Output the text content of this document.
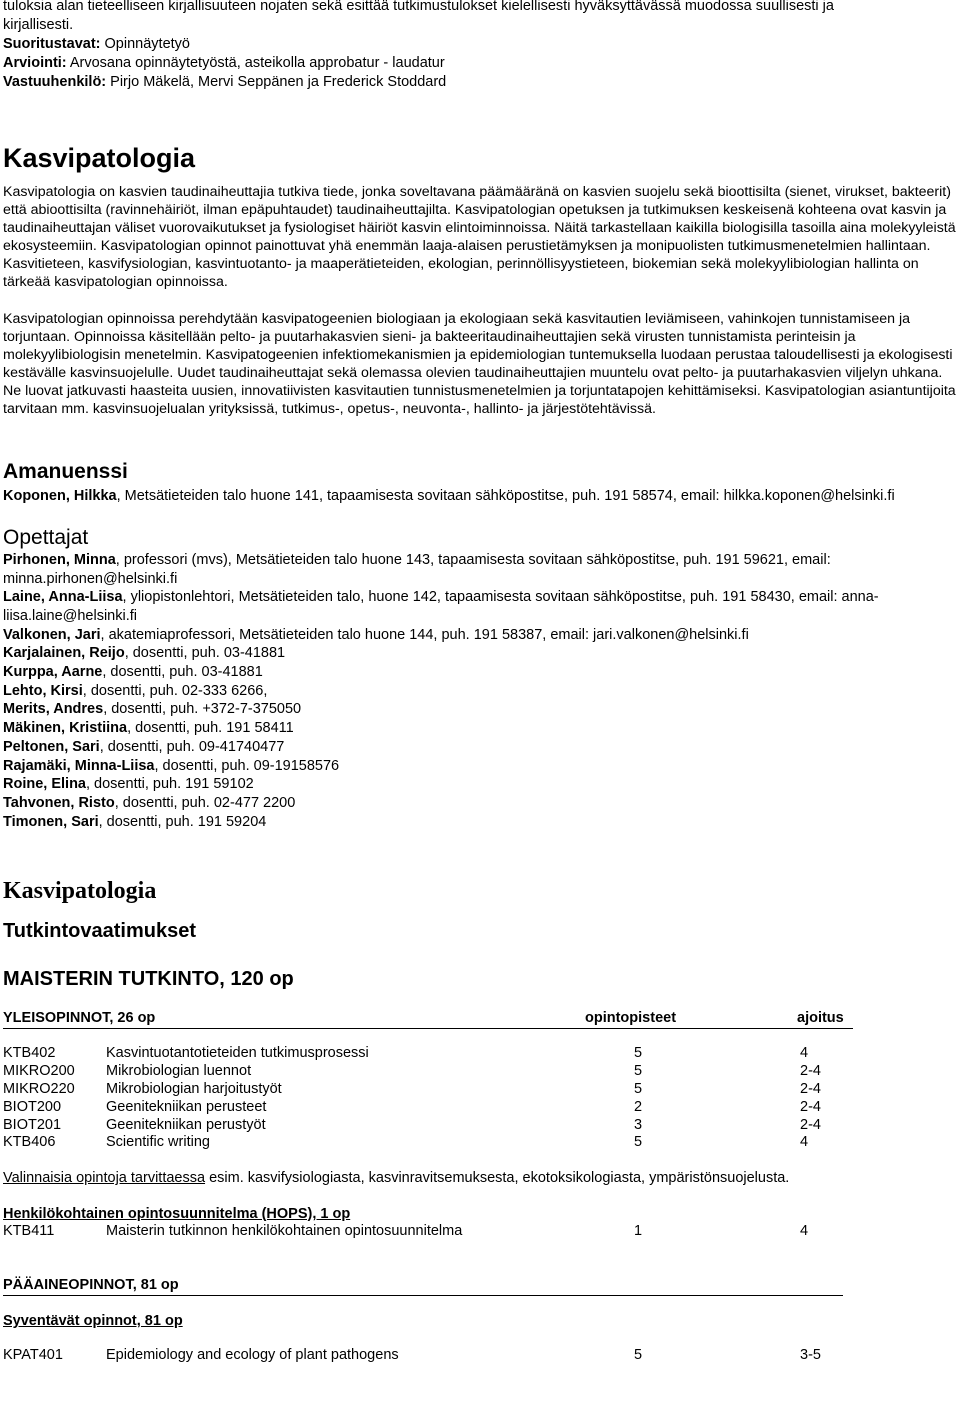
tuloksia alan tieteelliseen kirjallisuuteen nojaten sekä esittää tutkimustulokset kielellisesti hyväksyttävässä muodossa suullisesti ja

kirjallisesti.

Suoritustavat: Opinnäytetyö

Arviointi: Arvosana opinnäytetyöstä, asteikolla approbatur - laudatur

Vastuuhenkilö: Pirjo Mäkelä, Mervi Seppänen ja Frederick Stoddard

Kasvipatologia

Kasvipatologia on kasvien taudinaiheuttajia tutkiva tiede, jonka soveltavana päämääränä on kasvien suojelu sekä bioottisilta (sienet, virukset, bakteerit) että abioottisilta (ravinnehäiriöt, ilman epäpuhtaudet) taudinaiheuttajilta. Kasvipatologian opetuksen ja tutkimuksen keskeisenä kohteena ovat kasvin ja taudinaiheuttajan väliset vuorovaikutukset ja fysiologiset häiriöt kasvin elintoiminnoissa. Näitä tarkastellaan kaikilla biologisilla tasoilla aina molekyyleistä ekosysteemiin. Kasvipatologian opinnot painottuvat yhä enemmän laaja-alaisen perustietämyksen ja monipuolisten tutkimusmenetelmien hallintaan. Kasvitieteen, kasvifysiologian, kasvintuotanto- ja maaperätieteiden, ekologian, perinnöllisyystieteen, biokemian sekä molekyylibiologian hallinta on tärkeää kasvipatologian opinnoissa.

Kasvipatologian opinnoissa perehdytään kasvipatogeenien biologiaan ja ekologiaan sekä kasvitautien leviämiseen, vahinkojen tunnistamiseen ja torjuntaan. Opinnoissa käsitellään pelto- ja puutarhakasvien sieni- ja bakteeritaudinaiheuttajien sekä virusten tunnistamista perinteisin ja molekyylibiologisin menetelmin. Kasvipatogeenien infektiomekanismien ja epidemiologian tuntemuksella luodaan perustaa taloudellisesti ja ekologisesti kestävälle kasvinsuojelulle. Uudet taudinaiheuttajat sekä olemassa olevien taudinaiheuttajien muuntelu ovat pelto- ja puutarhakasvien viljelyn uhkana. Ne luovat jatkuvasti haasteita uusien, innovatiivisten kasvitautien tunnistusmenetelmien ja torjuntatapojen kehittämiseksi. Kasvipatologian asiantuntijoita tarvitaan mm. kasvinsuojelualan yrityksissä, tutkimus-, opetus-, neuvonta-, hallinto- ja järjestötehtävissä.

Amanuenssi

Koponen, Hilkka, Metsätieteiden talo huone 141, tapaamisesta sovitaan sähköpostitse, puh. 191 58574, email: hilkka.koponen@helsinki.fi

Opettajat

Pirhonen, Minna, professori (mvs), Metsätieteiden talo huone 143, tapaamisesta sovitaan sähköpostitse, puh. 191 59621, email: minna.pirhonen@helsinki.fi

Laine, Anna-Liisa, yliopistonlehtori, Metsätieteiden talo, huone 142, tapaamisesta sovitaan sähköpostitse, puh. 191 58430, email: anna-liisa.laine@helsinki.fi

Valkonen, Jari, akatemiaprofessori, Metsätieteiden talo huone 144, puh. 191 58387, email: jari.valkonen@helsinki.fi

Karjalainen, Reijo, dosentti, puh. 03-41881

Kurppa, Aarne, dosentti, puh. 03-41881

Lehto, Kirsi, dosentti, puh. 02-333 6266,

Merits, Andres, dosentti, puh. +372-7-375050

Mäkinen, Kristiina, dosentti, puh. 191 58411

Peltonen, Sari, dosentti, puh. 09-41740477

Rajamäki, Minna-Liisa, dosentti, puh. 09-19158576

Roine, Elina, dosentti, puh. 191 59102

Tahvonen, Risto, dosentti, puh. 02-477 2200

Timonen, Sari, dosentti, puh. 191 59204

Kasvipatologia
Tutkintovaatimukset
MAISTERIN TUTKINTO, 120 op
YLEISOPINNOT, 26 op	opintopisteet	ajoitus
KTB402	Kasvintuotantotieteiden tutkimusprosessi	5	4
MIKRO200	Mikrobiologian luennot	5	2-4
MIKRO220	Mikrobiologian harjoitustyöt	5	2-4
BIOT200	Geenitekniikan perusteet	2	2-4
BIOT201	Geenitekniikan perustyöt	3	2-4
KTB406	Scientific writing	5	4

Valinnaisia opintoja tarvittaessa esim. kasvifysiologiasta, kasvinravitsemuksesta, ekotoksikologiasta, ympäristönsuojelusta.

Henkilökohtainen opintosuunnitelma (HOPS), 1 op

KTB411	Maisterin tutkinnon henkilökohtainen opintosuunnitelma	1	4
PÄÄAINEOPINNOT, 81 op

Syventävät opinnot, 81 op

KPAT401	Epidemiology and ecology of plant pathogens	5	3-5
